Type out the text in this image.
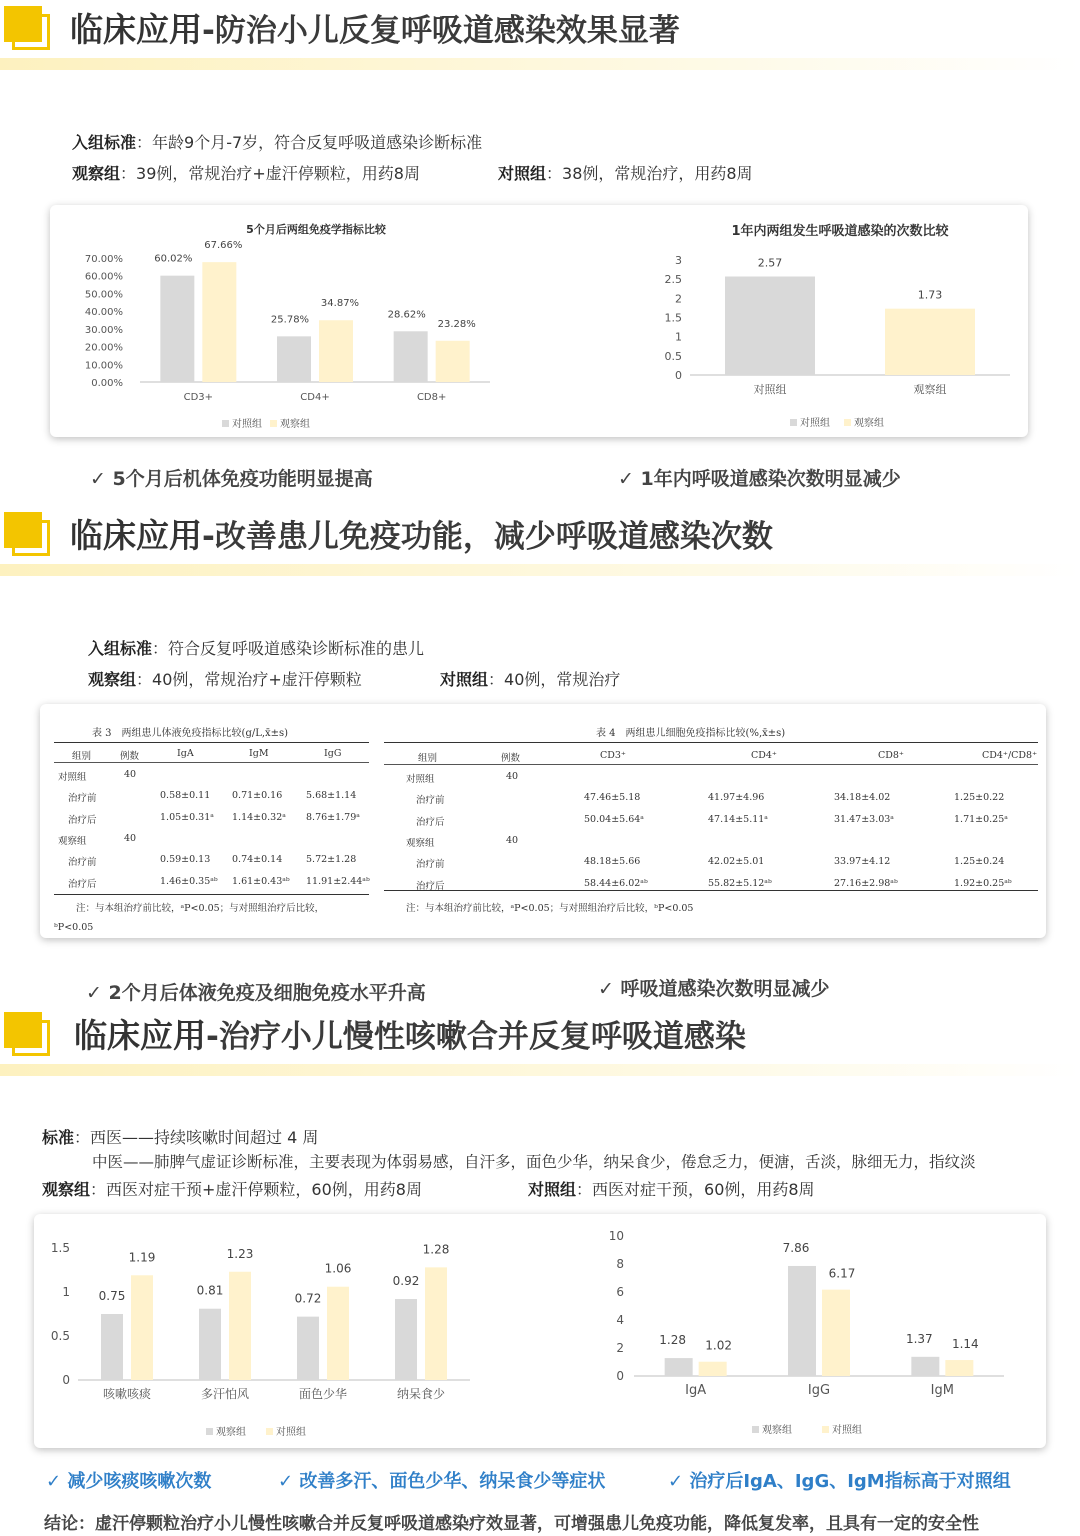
临床应用-防治小儿反复呼吸道感染效果显著
入组标准：年龄9个月-7岁，符合反复呼吸道感染诊断标准
观察组：39例，常规治疗+虚汗停颗粒，用药8周	对照组：38例，常规治疗，用药8周
5个月后两组免疫学指标比较
0.00%
10.00%
20.00%
30.00%
40.00%
50.00%
60.00%
70.00%
CD3+	CD4+	CD8+
60.02%
25.78%	28.62%
67.66%
34.87%
23.28%
对照组 观察组
1年内两组发生呼吸道感染的次数比较
0
0.5
1
1.5
2
2.5
3
对照组	观察组
2.57
1.73
对照组 观察组
✓ 5个月后机体免疫功能明显提高	✓ 1年内呼吸道感染次数明显减少
临床应用-改善患儿免疫功能，减少呼吸道感染次数
入组标准：符合反复呼吸道感染诊断标准的患儿
观察组：40例，常规治疗+虚汗停颗粒	对照组：40例，常规治疗
表 3　两组患儿体液免疫指标比较(g/L,x̄±s)
组别	例数	IgA	IgM	IgG
对照组	40
治疗前	0.58±0.11 0.71±0.16 5.68±1.14
治疗后	1.05±0.31ᵃ 1.14±0.32ᵃ 8.76±1.79ᵃ
观察组	40
治疗前	0.59±0.13 0.74±0.14 5.72±1.28
治疗后	1.46±0.35ᵃᵇ 1.61±0.43ᵃᵇ 11.91±2.44ᵃᵇ
注：与本组治疗前比较，ᵃP<0.05；与对照组治疗后比较，
ᵇP<0.05
表 4　两组患儿细胞免疫指标比较(%,x̄±s)
组别	例数	CD3⁺	CD4⁺	CD8⁺	CD4⁺/CD8⁺
对照组	40
治疗前	47.46±5.18	41.97±4.96	34.18±4.02	1.25±0.22
治疗后	50.04±5.64ᵃ	47.14±5.11ᵃ	31.47±3.03ᵃ	1.71±0.25ᵃ
观察组	40
治疗前	48.18±5.66	42.02±5.01	33.97±4.12	1.25±0.24
治疗后	58.44±6.02ᵃᵇ	55.82±5.12ᵃᵇ	27.16±2.98ᵃᵇ	1.92±0.25ᵃᵇ
注：与本组治疗前比较，ᵃP<0.05；与对照组治疗后比较，ᵇP<0.05
✓ 2个月后体液免疫及细胞免疫水平升高	✓ 呼吸道感染次数明显减少
临床应用-治疗小儿慢性咳嗽合并反复呼吸道感染
标准：西医——持续咳嗽时间超过 4 周
中医——肺脾气虚证诊断标准，主要表现为体弱易感，自汗多，面色少华，纳呆食少，倦怠乏力，便溏，舌淡，脉细无力，指纹淡
观察组：西医对症干预+虚汗停颗粒，60例，用药8周	对照组：西医对症干预，60例，用药8周
0
0.5
1
1.5
咳嗽咳痰	多汗怕风	面色少华	纳呆食少
0.75	0.81
0.72
0.92
1.19	1.23
1.06
1.28
观察组	对照组
0
2
4
6
8
10
IgA	IgG	IgM
1.28
7.86
1.37
1.02
6.17
1.14
观察组	对照组
✓ 减少咳痰咳嗽次数	✓ 改善多汗、面色少华、纳呆食少等症状	✓ 治疗后IgA、IgG、IgM指标高于对照组
结论：虚汗停颗粒治疗小儿慢性咳嗽合并反复呼吸道感染疗效显著，可增强患儿免疫功能，降低复发率，且具有一定的安全性
